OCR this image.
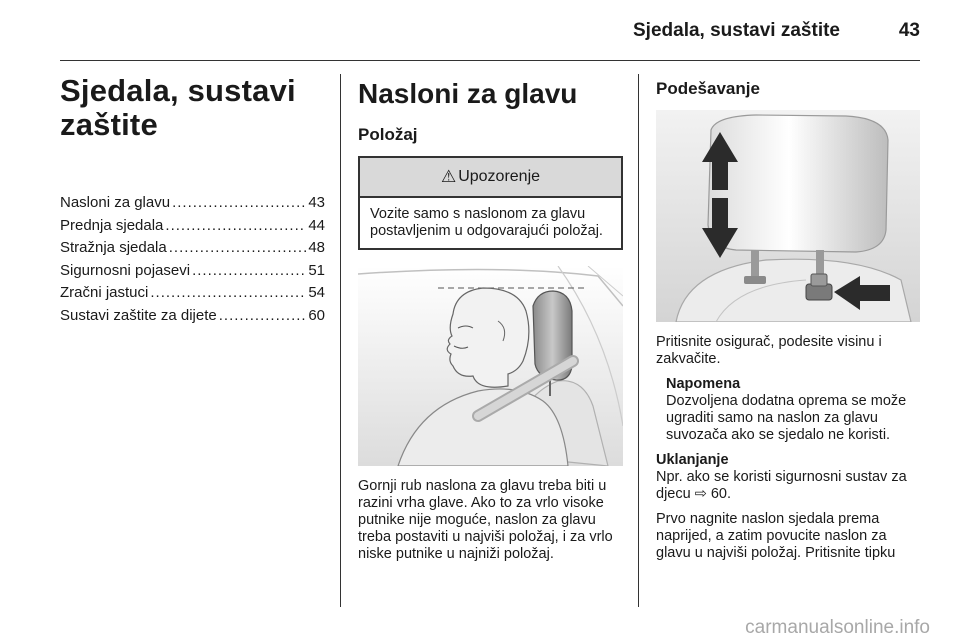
Sjedala, sustavi zaštite	43
Sjedala, sustavi
zaštite
Nasloni za glavu .....	43
Prednja sjedala .....	44
Stražnja sjedala .....	48
Sigurnosni pojasevi .....	51
Zračni jastuci .....	54
Sustavi zaštite za dijete .....	60
Nasloni za glavu
Položaj
⚠ Upozorenje
Vozite samo s naslonom za glavu postavljenim u odgovarajući položaj.

Gornji rub naslona za glavu treba biti u razini vrha glave. Ako to za vrlo visoke putnike nije moguće, naslon za glavu treba postaviti u najviši položaj, i za vrlo niske putnike u najniži položaj.

Podešavanje

Pritisnite osigurač, podesite visinu i zakvačite.

Napomena

Dozvoljena dodatna oprema se može ugraditi samo na naslon za glavu suvozača ako se sjedalo ne koristi.

Uklanjanje

Npr. ako se koristi sigurnosni sustav za djecu ⇨ 60.

Prvo nagnite naslon sjedala prema naprijed, a zatim povucite naslon za glavu u najviši položaj. Pritisnite tipku

carmanualsonline.info
